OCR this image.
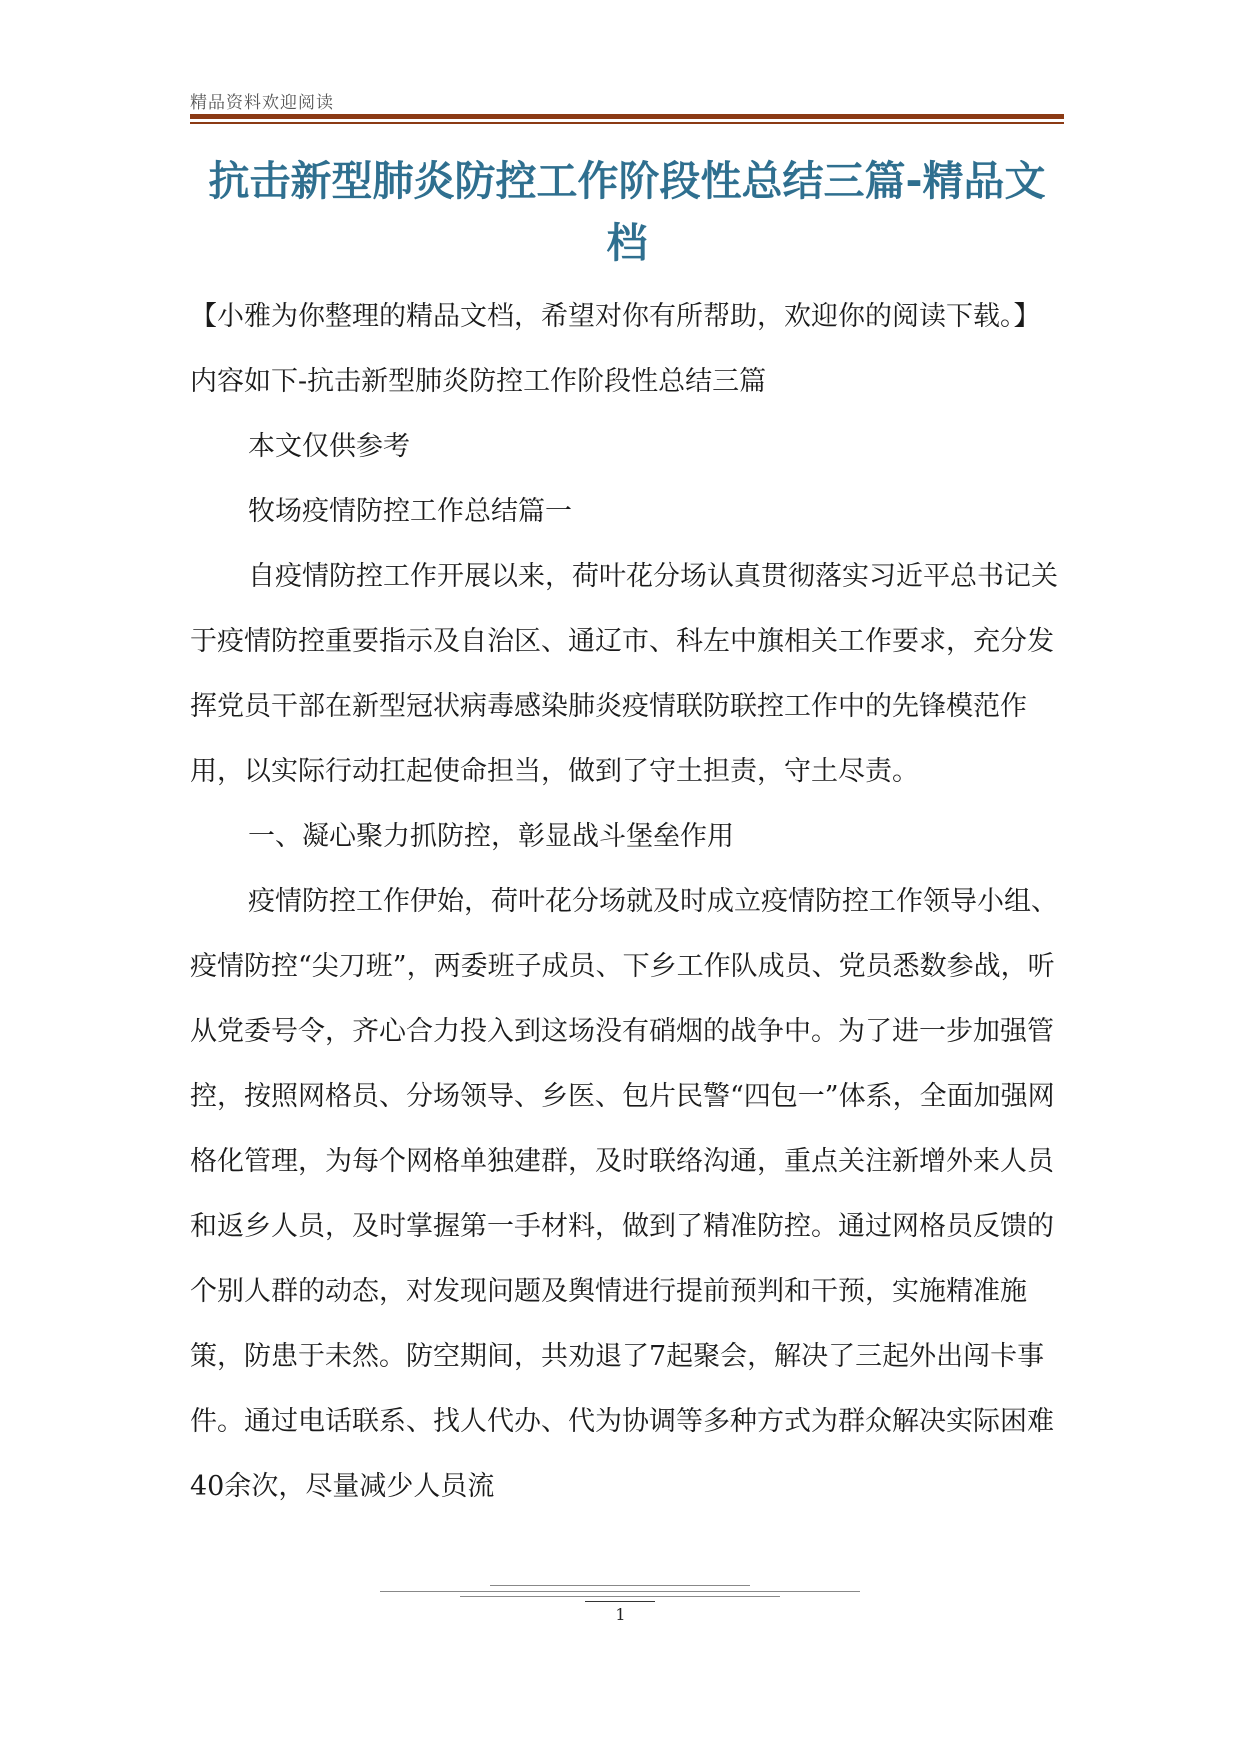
精品资料欢迎阅读
抗击新型肺炎防控工作阶段性总结三篇-精品文档

【小雅为你整理的精品文档，希望对你有所帮助，欢迎你的阅读下载。】内容如下-抗击新型肺炎防控工作阶段性总结三篇

本文仅供参考

牧场疫情防控工作总结篇一

自疫情防控工作开展以来，荷叶花分场认真贯彻落实习近平总书记关于疫情防控重要指示及自治区、通辽市、科左中旗相关工作要求，充分发挥党员干部在新型冠状病毒感染肺炎疫情联防联控工作中的先锋模范作用，以实际行动扛起使命担当，做到了守土担责，守土尽责。

一、凝心聚力抓防控，彰显战斗堡垒作用

疫情防控工作伊始，荷叶花分场就及时成立疫情防控工作领导小组、疫情防控“尖刀班”，两委班子成员、下乡工作队成员、党员悉数参战，听从党委号令，齐心合力投入到这场没有硝烟的战争中。为了进一步加强管控，按照网格员、分场领导、乡医、包片民警“四包一”体系，全面加强网格化管理，为每个网格单独建群，及时联络沟通，重点关注新增外来人员和返乡人员，及时掌握第一手材料，做到了精准防控。通过网格员反馈的个别人群的动态，对发现问题及舆情进行提前预判和干预，实施精准施策，防患于未然。防空期间，共劝退了7起聚会，解决了三起外出闯卡事件。通过电话联系、找人代办、代为协调等多种方式为群众解决实际困难40余次，尽量减少人员流

1
